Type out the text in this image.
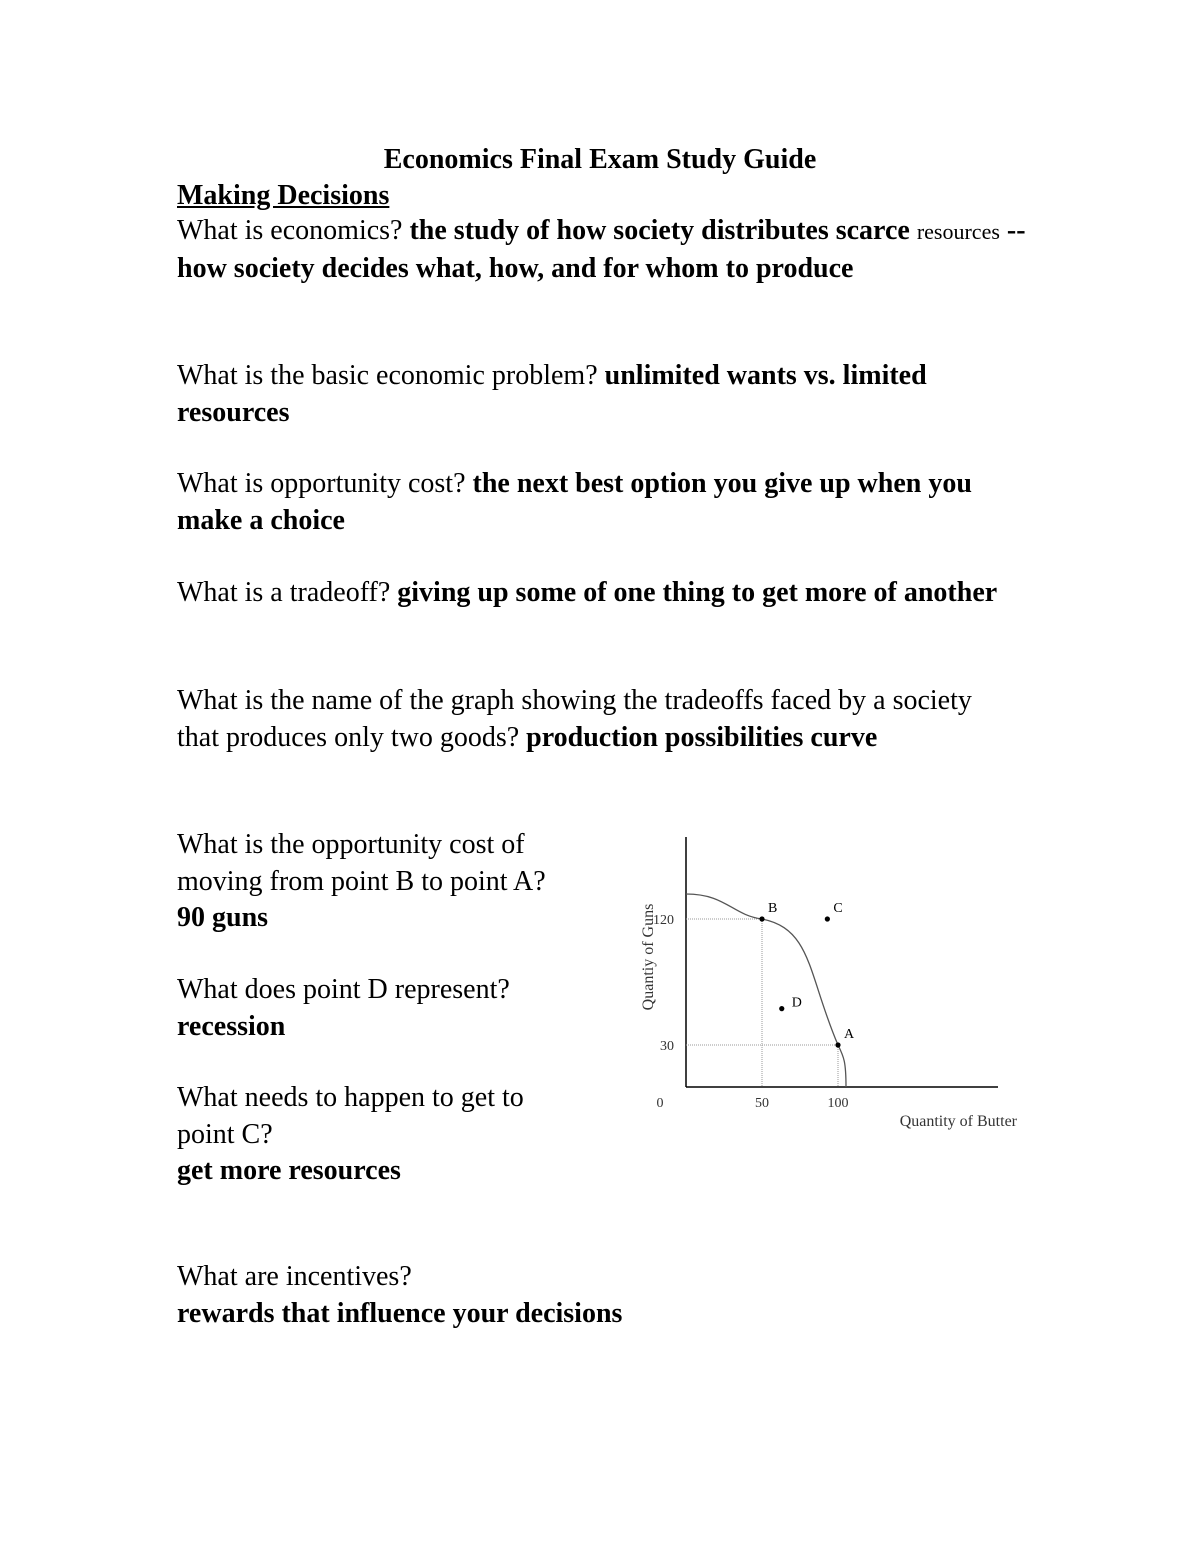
Economics Final Exam Study Guide
Making Decisions
What is economics? the study of how society distributes scarce resources -- how society decides what, how, and for whom to produce
What is the basic economic problem? unlimited wants vs. limited resources
What is opportunity cost? the next best option you give up when you make a choice
What is a tradeoff? giving up some of one thing to get more of another
What is the name of the graph showing the tradeoffs faced by a society that produces only two goods? production possibilities curve
What is the opportunity cost of moving from point B to point A?
90 guns
What does point D represent?
recession
What needs to happen to get to point C?
get more resources
What are incentives?
rewards that influence your decisions
0	50	100
30
120
B
A
C
D
Quantity of Butter
Quantiy of Guns
